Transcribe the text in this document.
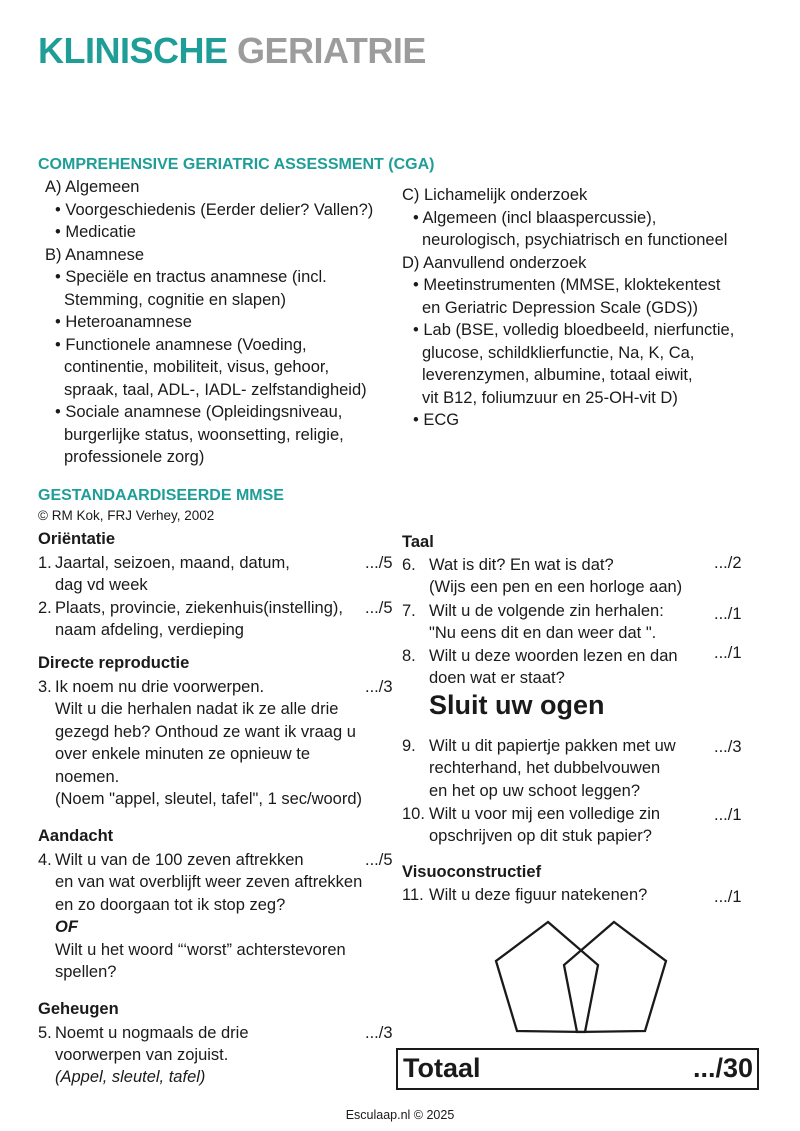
KLINISCHE GERIATRIE
COMPREHENSIVE GERIATRIC ASSESSMENT (CGA)
A) Algemeen
• Voorgeschiedenis (Eerder delier? Vallen?)
• Medicatie
B) Anamnese
• Speciële en tractus anamnese (incl.
Stemming, cognitie en slapen)
• Heteroanamnese
• Functionele anamnese (Voeding,
continentie, mobiliteit, visus, gehoor,
spraak, taal, ADL-, IADL- zelfstandigheid)
• Sociale anamnese (Opleidingsniveau,
burgerlijke status, woonsetting, religie,
professionele zorg)
C) Lichamelijk onderzoek
• Algemeen (incl blaaspercussie),
neurologisch, psychiatrisch en functioneel
D) Aanvullend onderzoek
• Meetinstrumenten (MMSE, kloktekentest
en Geriatric Depression Scale (GDS))
• Lab (BSE, volledig bloedbeeld, nierfunctie,
glucose, schildklierfunctie, Na, K, Ca,
leverenzymen, albumine, totaal eiwit,
vit B12, foliumzuur en 25-OH-vit D)
• ECG
GESTANDAARDISEERDE MMSE
© RM Kok, FRJ Verhey, 2002
Oriëntatie
1. Jaartal, seizoen, maand, datum,
dag vd week
.../5
2. Plaats, provincie, ziekenhuis(instelling),
naam afdeling, verdieping
.../5
Directe reproductie
3. Ik noem nu drie voorwerpen.
Wilt u die herhalen nadat ik ze alle drie
gezegd heb? Onthoud ze want ik vraag u
over enkele minuten ze opnieuw te
noemen.
(Noem "appel, sleutel, tafel", 1 sec/woord)
.../3
Aandacht
4. Wilt u van de 100 zeven aftrekken
en van wat overblijft weer zeven aftrekken
en zo doorgaan tot ik stop zeg?
OF
Wilt u het woord “‘worst” achterstevoren
spellen?
.../5
Geheugen
5. Noemt u nogmaals de drie
voorwerpen van zojuist.
(Appel, sleutel, tafel)
.../3
Taal
6. Wat is dit? En wat is dat?
(Wijs een pen en een horloge aan)
.../2
7. Wilt u de volgende zin herhalen:
"Nu eens dit en dan weer dat ".
.../1
8. Wilt u deze woorden lezen en dan
doen wat er staat?
.../1
Sluit uw ogen
9. Wilt u dit papiertje pakken met uw
rechterhand, het dubbelvouwen
en het op uw schoot leggen?
.../3
10. Wilt u voor mij een volledige zin
opschrijven op dit stuk papier?
.../1
Visuoconstructief
11. Wilt u deze figuur natekenen?	.../1
Totaal	.../30
Esculaap.nl © 2025
